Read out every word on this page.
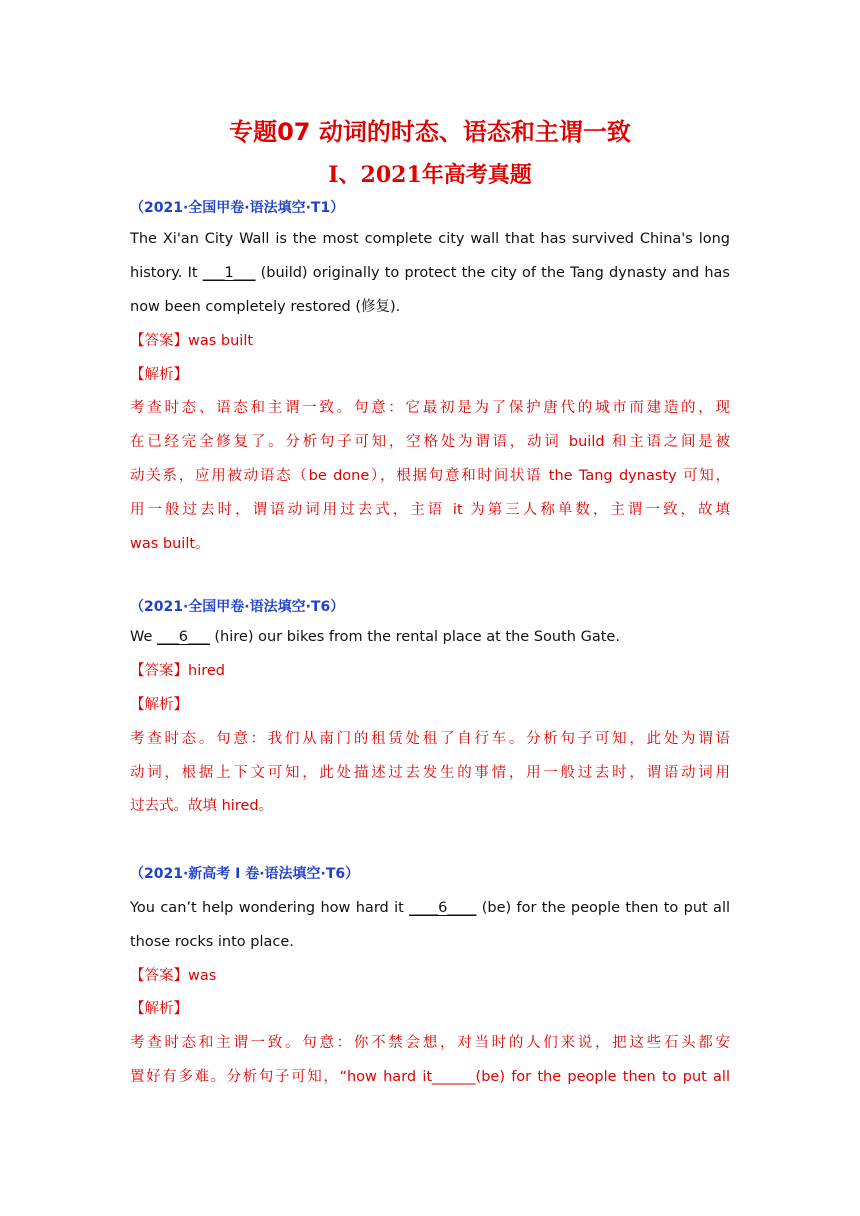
专题07 动词的时态、语态和主谓一致
I、2021年高考真题
（2021·全国甲卷·语法填空·T1）
The Xi'an City Wall is the most complete city wall that has survived China's long
history. It ___1___ (build) originally to protect the city of the Tang dynasty and has
now been completely restored (修复).
【答案】was built
【解析】
考查时态、语态和主谓一致。句意：它最初是为了保护唐代的城市而建造的，现
在已经完全修复了。分析句子可知，空格处为谓语，动词 build 和主语之间是被
动关系，应用被动语态（be done），根据句意和时间状语 the Tang dynasty 可知，
用一般过去时，谓语动词用过去式，主语 it 为第三人称单数，主谓一致，故填
was built。
（2021·全国甲卷·语法填空·T6）
We ___6___ (hire) our bikes from the rental place at the South Gate.
【答案】hired
【解析】
考查时态。句意：我们从南门的租赁处租了自行车。分析句子可知，此处为谓语
动词，根据上下文可知，此处描述过去发生的事情，用一般过去时，谓语动词用
过去式。故填 hired。
（2021·新高考 I 卷·语法填空·T6）
You can’t help wondering how hard it ____6____ (be) for the people then to put all
those rocks into place.
【答案】was
【解析】
考查时态和主谓一致。句意：你不禁会想，对当时的人们来说，把这些石头都安
置好有多难。分析句子可知，“how hard it______(be) for the people then to put all
